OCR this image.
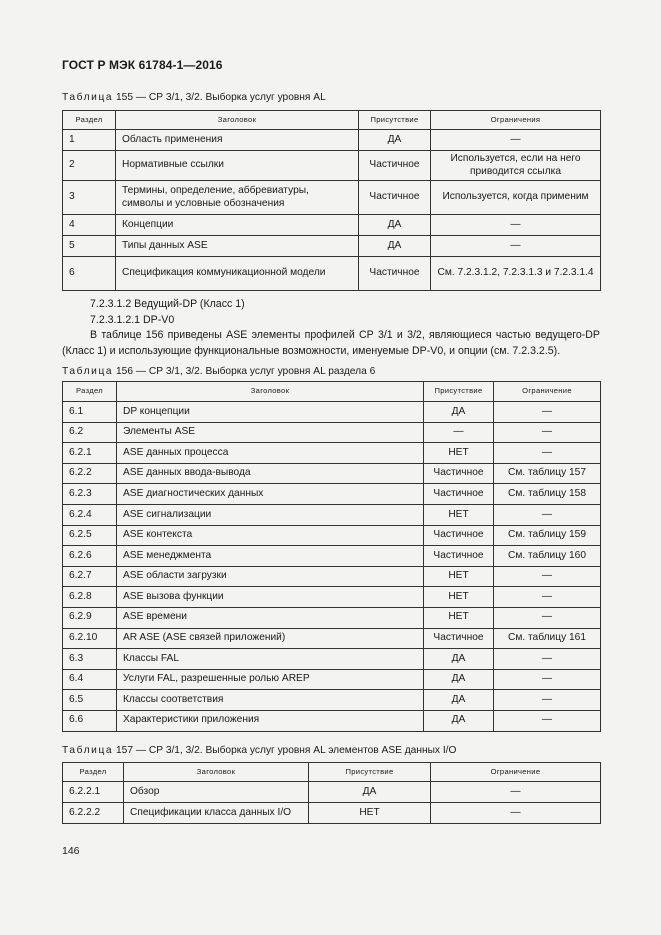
ГОСТ Р МЭК 61784-1—2016
Таблица 155 — СР 3/1, 3/2. Выборка услуг уровня AL
Раздел	Заголовок	Присутствие	Ограничения
1	Область применения	ДА	—
2	Нормативные ссылки	Частичное	Используется, если на него приводится ссылка
3	Термины, определение, аббревиатуры, символы и условные обозначения	Частичное	Используется, когда применим
4	Концепции	ДА	—
5	Типы данных ASE	ДА	—
6	Спецификация коммуникационной модели	Частичное	См. 7.2.3.1.2, 7.2.3.1.3 и 7.2.3.1.4

7.2.3.1.2 Ведущий-DP (Класс 1)

7.2.3.1.2.1 DP-V0

В таблице 156 приведены ASE элементы профилей СР 3/1 и 3/2, являющиеся частью ведущего-DP (Класс 1) и использующие функциональные возможности, именуемые DP-V0, и опции (см. 7.2.3.2.5).

Таблица 156 — СР 3/1, 3/2. Выборка услуг уровня AL раздела 6
Раздел	Заголовок	Присутствие	Ограничение
6.1	DP концепции	ДА	—
6.2	Элементы ASE	—	—
6.2.1	ASE данных процесса	НЕТ	—
6.2.2	ASE данных ввода-вывода	Частичное	См. таблицу 157
6.2.3	ASE диагностических данных	Частичное	См. таблицу 158
6.2.4	ASE сигнализации	НЕТ	—
6.2.5	ASE контекста	Частичное	См. таблицу 159
6.2.6	ASE менеджмента	Частичное	См. таблицу 160
6.2.7	ASE области загрузки	НЕТ	—
6.2.8	ASE вызова функции	НЕТ	—
6.2.9	ASE времени	НЕТ	—
6.2.10	AR ASE (ASE связей приложений)	Частичное	См. таблицу 161
6.3	Классы FAL	ДА	—
6.4	Услуги FAL, разрешенные ролью AREP	ДА	—
6.5	Классы соответствия	ДА	—
6.6	Характеристики приложения	ДА	—
Таблица 157 — СР 3/1, 3/2. Выборка услуг уровня AL элементов ASE данных I/O
Раздел	Заголовок	Присутствие	Ограничение
6.2.2.1	Обзор	ДА	—
6.2.2.2	Спецификации класса данных I/O	НЕТ	—
146
